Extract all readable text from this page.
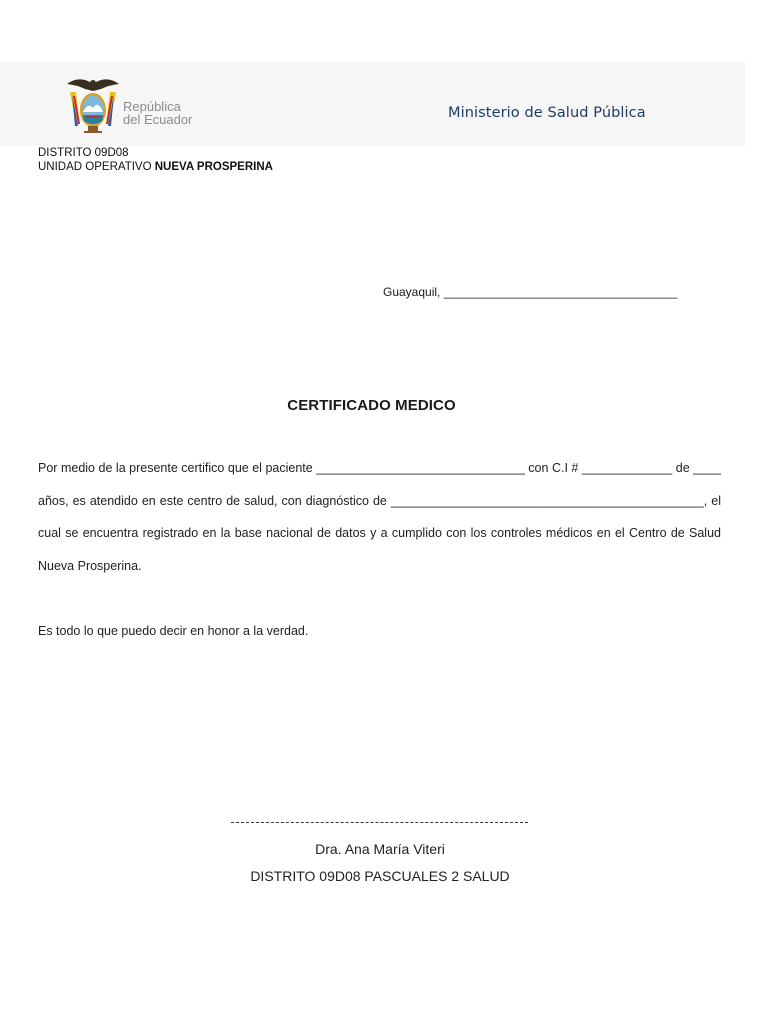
República
del Ecuador	Ministerio de Salud Pública
DISTRITO 09D08
UNIDAD OPERATIVO NUEVA PROSPERINA
Guayaquil, ___________________________________
CERTIFICADO MEDICO
Por medio de la presente certifico que el paciente ______________________________ con C.I # _____________ de ____ años, es atendido en este centro de salud, con diagnóstico de _____________________________________________, el cual se encuentra registrado en la base nacional de datos y a cumplido con los controles médicos en el Centro de Salud Nueva Prosperina.
Es todo lo que puedo decir en honor a la verdad.
Dra. Ana María Viteri
DISTRITO 09D08 PASCUALES 2 SALUD
